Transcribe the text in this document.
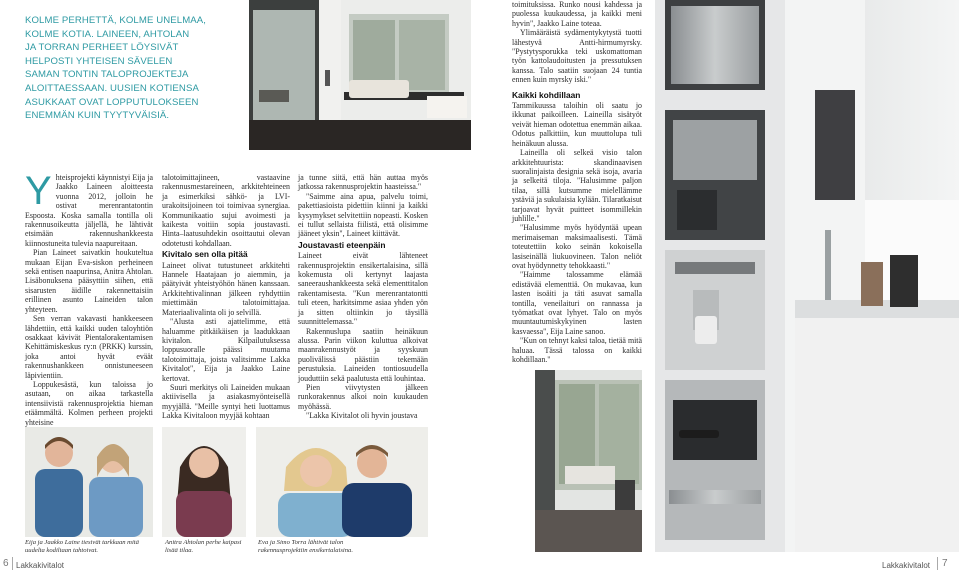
KOLME PERHETTÄ, KOLME UNELMAA,
KOLME KOTIA. LAINEEN, AHTOLAN
JA TORRAN PERHEET LÖYSIVÄT
HELPOSTI YHTEISEN SÄVELEN
SAMAN TONTIN TALOPROJEKTEJA
ALOITTAESSAAN. UUSIEN KOTIENSA
ASUKKAAT OVAT LOPPUTULOKSEEN
ENEMMÄN KUIN TYYTYVÄISIÄ.
Y hteisprojekti käynnistyi Eija ja Jaakko Laineen aloitteesta vuonna 2012, jolloin he ostivat merenrantatontin Espoosta. Koska samalla tontilla oli rakennusoikeutta jäljellä, he lähtivät etsimään rakennushankkeesta kiinnostuneita tulevia naapureitaan.

Pian Laineet saivatkin houkuteltua mukaan Eijan Eva-siskon perheineen sekä entisen naapurinsa, Anitra Ahtolan. Lisäbonuksena pääsyttiin siihen, että sisarusten äidille rakennettaisiin erillinen asunto Laineiden talon yhteyteen.

Sen verran vakavasti hankkeeseen lähdettiin, että kaikki uuden taloyhtiön osakkaat kävivät Pientalorakentamisen Kehittämiskeskus ry:n (PRKK) kurssin, joka antoi hyvät eväät rakennushankkeen onnistuneeseen läpivientiin.

Loppukesästä, kun taloissa jo asutaan, on aikaa tarkastella intensiivistä rakennusprojektia hieman etäämmältä. Kolmen perheen projekti yhteisine

talotoimittajineen, vastaavine rakennusmestareineen, arkkitehteineen ja esimerkiksi sähkö- ja LVI-urakoitsijoineen toi toimivaa synergiaa. Kommunikaatio sujui avoimesti ja kaikesta voitiin sopia joustavasti. Hinta–laatusuhdekin osoittautui olevan odotetusti kohdallaan.

Kivitalo sen olla pitää

Laineet olivat tutustuneet arkkitehti Hannele Haatajaan jo aiemmin, ja päätyivät yhteistyöhön hänen kanssaan. Arkkitehtivalinnan jälkeen ryhdyttiin miettimään talotoimittajaa. Materiaalivalinta oli jo selvillä.

"Alusta asti ajattelimme, että haluamme pitkäikäisen ja laadukkaan kivitalon. Kilpailutuksessa loppusuoralle päässi muutama talotoimittaja, joista valitsimme Lakka Kivitalot", Eija ja Jaakko Laine kertovat.

Suuri merkitys oli Laineiden mukaan aktiivisella ja asiakasmyönteisellä myyjällä. "Meille syntyi heti luottamus Lakka Kivitaloon myyjää kohtaan

ja tunne siitä, että hän auttaa myös jatkossa rakennusprojektin haasteissa."

"Saimme aina apua, palvelu toimi, pakettiasioista pidettiin kiinni ja kaikki kysymykset selvitettiin nopeasti. Kosken ei tullut sellaista fiilistä, että olisimme jääneet yksin", Laineet kiittävät.

Joustavasti eteenpäin

Laineet eivät lähteneet rakennusprojektin ensikertalaisina, sillä kokemusta oli kertynyt laajasta saneeraushankkeesta sekä elementtitalon rakentamisesta. "Kun merenrantatontti tuli eteen, harkitsimme asiaa yhden yön ja sitten oltiinkin jo täysillä suunnittelemassa."

Rakennuslupa saatiin heinäkuun alussa. Parin viikon kuluttua alkoivat maanrakennustyöt ja syyskuun puolivälissä päästiin tekemään perustuksia. Laineiden tontiosuudella jouduttiin sekä paalutusta että louhintaa.

Pien viivytysten jälkeen runkorakennus alkoi noin kuukauden myöhässä.

"Lakka Kivitalot oli hyvin joustava

toimituksissa. Runko nousi kahdessa ja puolessa kuukaudessa, ja kaikki meni hyvin", Jaakko Laine toteaa.

Ylimääräistä sydämentykytystä tuotti lähestyvä Antti-hirmumyrsky. "Pystytysporukka teki uskomattoman työn kattolaudoitusten ja pressutuksen kanssa. Talo saatiin suojaan 24 tuntia ennen kuin myrsky iski."

Kaikki kohdillaan

Tammikuussa taloihin oli saatu jo ikkunat paikoilleen. Laineilla sisätyöt veivät hieman odotettua enemmän aikaa. Odotus palkittiin, kun muuttolupa tuli heinäkuun alussa.

Laineilla oli selkeä visio talon arkkitehtuurista: skandinaavisen suoralinjaista designia sekä isoja, avaria ja selkeitä tiloja. "Halusimme paljon tilaa, sillä kutsumme mielellämme ystäviä ja sukulaisia kylään. Tilaratkaisut tarjoavat hyvät puitteet isommillekin juhlille."

"Halusimme myös hyödyntää upean merimaiseman maksimaalisesti. Tämä toteutettiin koko seinän kokoisella lasiseinällä liukuovineen. Talon neliöt ovat hyödynnetty tehokkaasti."

"Haimme talossamme elämää edistävää elementtiä. On mukavaa, kun lasten isoäiti ja täti asuvat samalla tontilla, veneilaituri on rannassa ja työmatkat ovat lyhyet. Talo on myös muuntautumiskykyinen lasten kasvaessa", Eija Laine sanoo.

"Kun on tehnyt kaksi taloa, tietää mitä haluaa. Tässä talossa on kaikki kohdillaan."

Eija ja Jaakko Laine tiesivät tarkkaan mitä uudelta kodiltaan tahtoivat.
Anitra Ahtolan perhe kaipasi lisää tilaa.
Eva ja Simo Torra lähtivät talon rakennusprojektiin ensikertalaisina.
6 Lakkakivitalot	Lakkakivitalot 7
